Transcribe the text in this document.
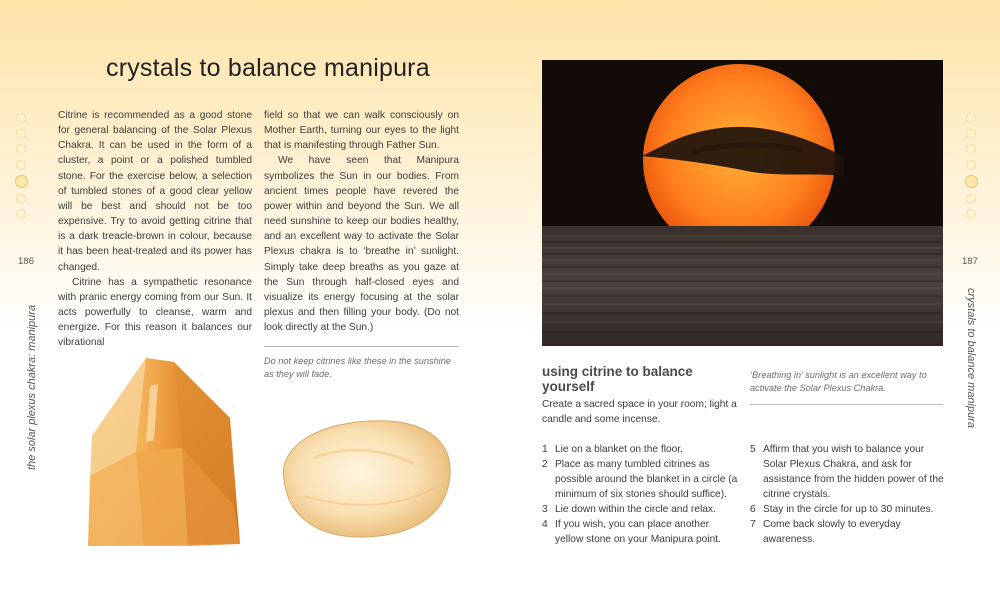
crystals to balance manipura

Citrine is recommended as a good stone for general balancing of the Solar Plexus Chakra. It can be used in the form of a cluster, a point or a polished tumbled stone. For the exercise below, a selection of tumbled stones of a good clear yellow will be best and should not be too expensive. Try to avoid getting citrine that is a dark treacle-brown in colour, because it has been heat-treated and its power has changed.

Citrine has a sympathetic resonance with pranic energy coming from our Sun. It acts powerfully to cleanse, warm and energize. For this reason it balances our vibrational

field so that we can walk consciously on Mother Earth, turning our eyes to the light that is manifesting through Father Sun.

We have seen that Manipura symbolizes the Sun in our bodies. From ancient times people have revered the power within and beyond the Sun. We all need sunshine to keep our bodies healthy, and an excellent way to activate the Solar Plexus chakra is to ‘breathe in’ sunlight. Simply take deep breaths as you gaze at the Sun through half-closed eyes and visualize its energy focusing at the solar plexus and then filling your body. (Do not look directly at the Sun.)

186	187
the solar plexus chakra: manipura	crystals to balance manipura

Do not keep citrines like these in the sunshine as they will fade.	using citrine to balance yourself

Create a sacred space in your room; light a candle and some incense.

‘Breathing in’ sunlight is an excellent way to activate the Solar Plexus Chakra.

1 Lie on a blanket on the floor.
2 Place as many tumbled citrines as possible around the blanket in a circle (a minimum of six stones should suffice).
3 Lie down within the circle and relax.
4 If you wish, you can place another yellow stone on your Manipura point.
5 Affirm that you wish to balance your Solar Plexus Chakra, and ask for assistance from the hidden power of the citrine crystals.
6 Stay in the circle for up to 30 minutes.
7 Come back slowly to everyday awareness.
